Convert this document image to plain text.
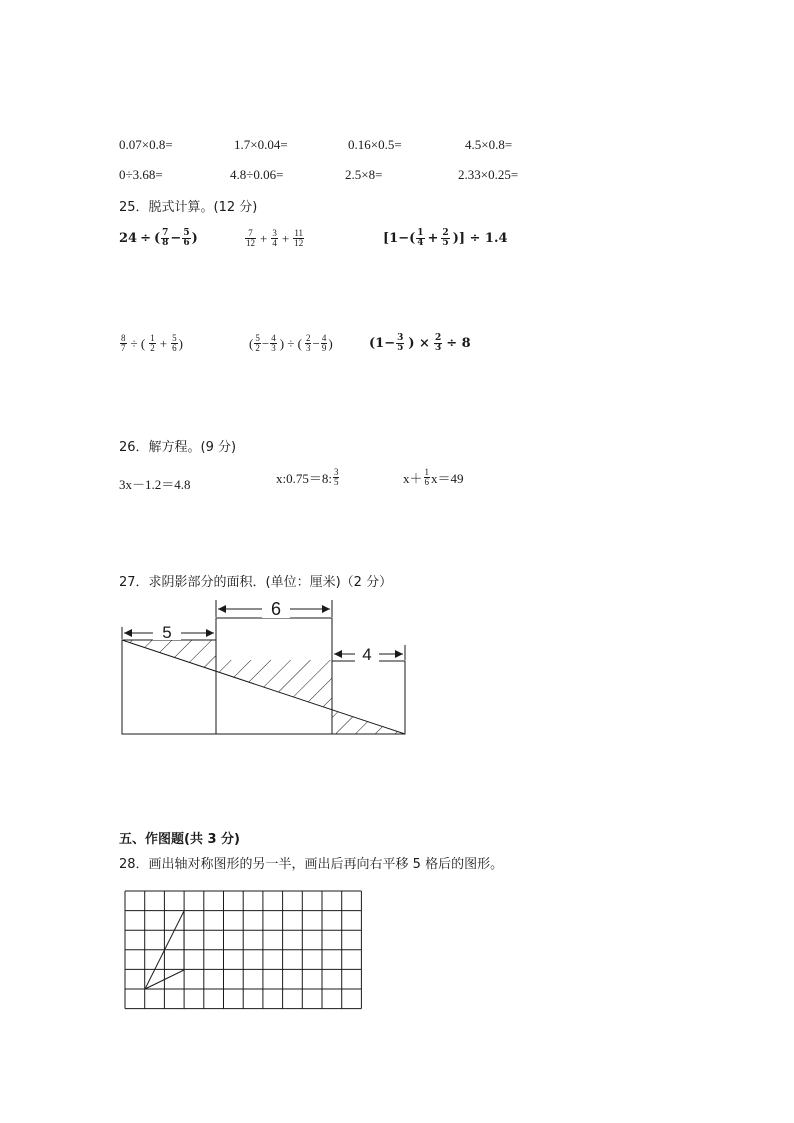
0.07×0.8=	1.7×0.04=	0.16×0.5=	4.5×0.8=
0÷3.68=	4.8÷0.06=	2.5×8=	2.33×0.25=
25．脱式计算。(12 分)
24 ÷ ( $\frac{7}{8} - \frac{5}{6}$ )	$\frac{7}{12} + \frac{3}{4} + \frac{11}{12}$	[$1-( \frac{1}{4} + \frac{2}{5}$ )] ÷ 1.4
$\frac{8}{7}$ ÷ ( $\frac{1}{2} + \frac{5}{6}$ )	( $\frac{5}{2} - \frac{4}{3}$ ) ÷ ( $\frac{2}{3} - \frac{4}{9}$ )	($1- \frac{3}{5}$ ) × $\frac{2}{3} \div 8$
26．解方程。(9 分)
3x－1.2＝4.8	x:0.75＝8: $\frac{3}{5}$	$x+ \frac{1}{6} x=49$
27．求阴影部分的面积．(单位：厘米)（2 分）
5
6
4
五、作图题(共 3 分)
28．画出轴对称图形的另一半，画出后再向右平移 5 格后的图形。
